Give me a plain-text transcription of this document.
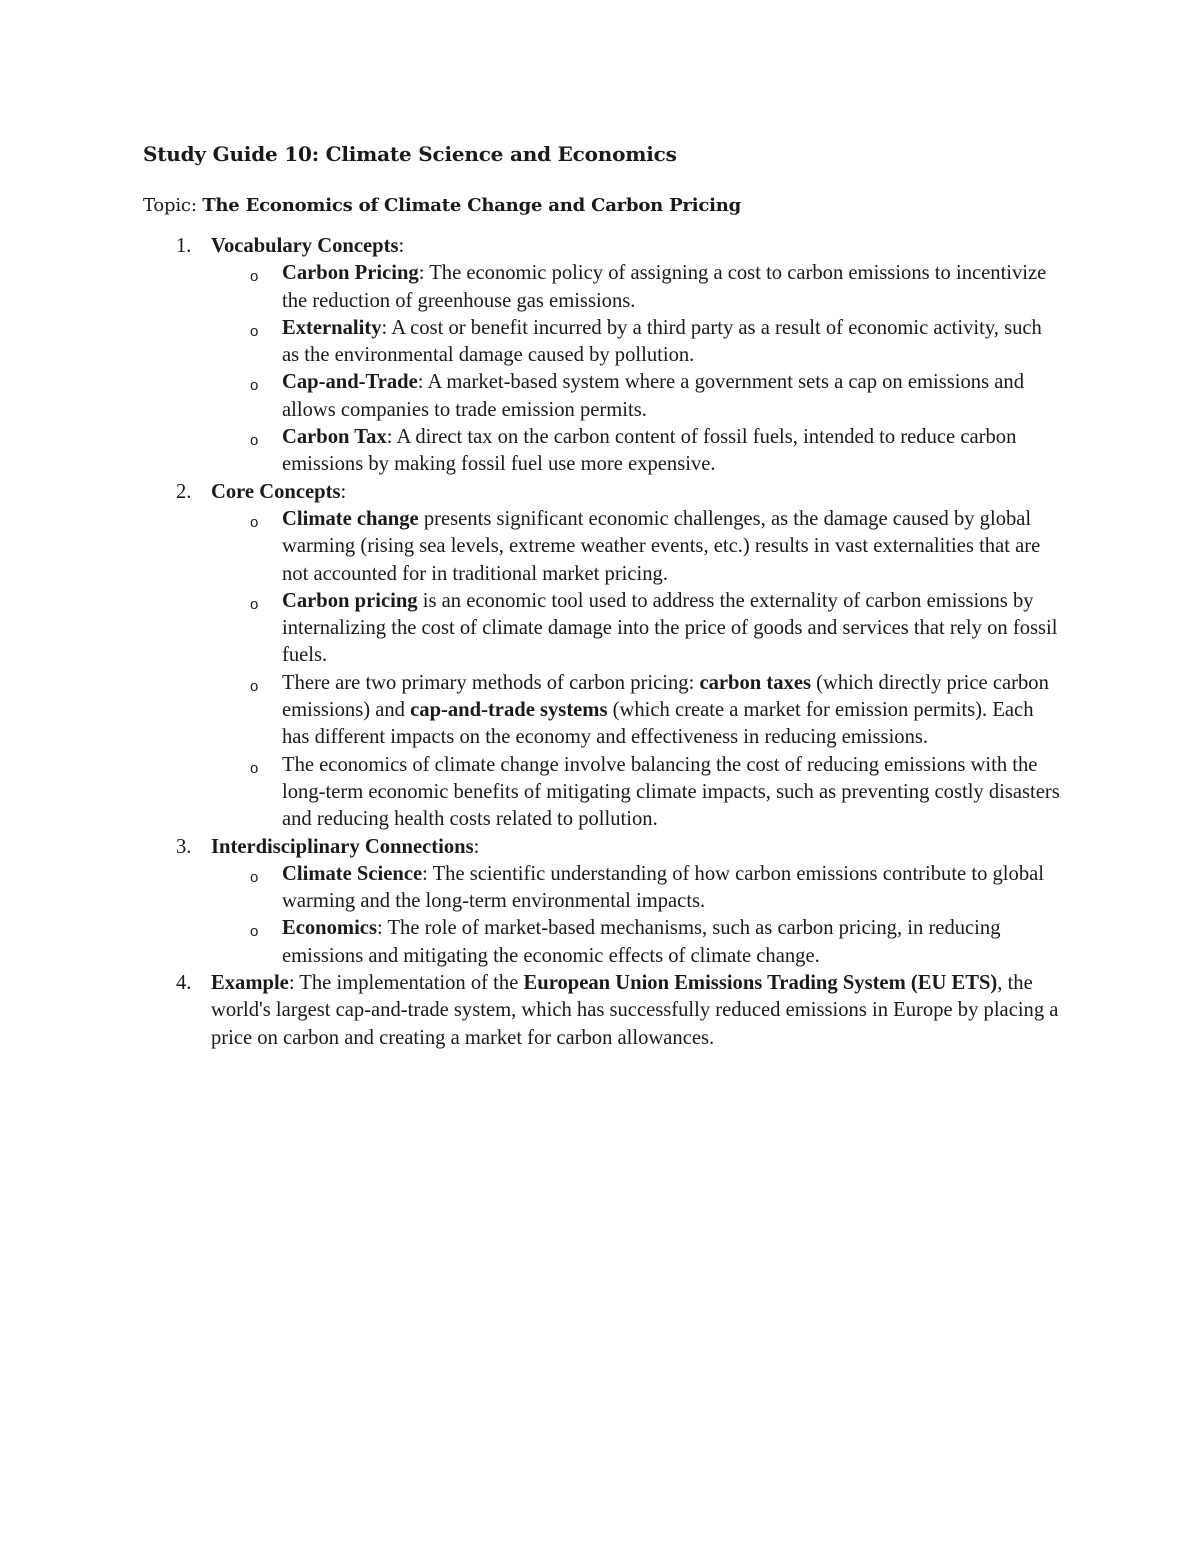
Study Guide 10: Climate Science and Economics
Topic: The Economics of Climate Change and Carbon Pricing
1. Vocabulary Concepts:
o Carbon Pricing: The economic policy of assigning a cost to carbon emissions to incentivize the reduction of greenhouse gas emissions.
o Externality: A cost or benefit incurred by a third party as a result of economic activity, such as the environmental damage caused by pollution.
o Cap-and-Trade: A market-based system where a government sets a cap on emissions and allows companies to trade emission permits.
o Carbon Tax: A direct tax on the carbon content of fossil fuels, intended to reduce carbon emissions by making fossil fuel use more expensive.
2. Core Concepts:
o Climate change presents significant economic challenges, as the damage caused by global warming (rising sea levels, extreme weather events, etc.) results in vast externalities that are not accounted for in traditional market pricing.
o Carbon pricing is an economic tool used to address the externality of carbon emissions by internalizing the cost of climate damage into the price of goods and services that rely on fossil fuels.
o There are two primary methods of carbon pricing: carbon taxes (which directly price carbon emissions) and cap-and-trade systems (which create a market for emission permits). Each has different impacts on the economy and effectiveness in reducing emissions.
o The economics of climate change involve balancing the cost of reducing emissions with the long-term economic benefits of mitigating climate impacts, such as preventing costly disasters and reducing health costs related to pollution.
3. Interdisciplinary Connections:
o Climate Science: The scientific understanding of how carbon emissions contribute to global warming and the long-term environmental impacts.
o Economics: The role of market-based mechanisms, such as carbon pricing, in reducing emissions and mitigating the economic effects of climate change.
4. Example: The implementation of the European Union Emissions Trading System (EU ETS), the world's largest cap-and-trade system, which has successfully reduced emissions in Europe by placing a price on carbon and creating a market for carbon allowances.
